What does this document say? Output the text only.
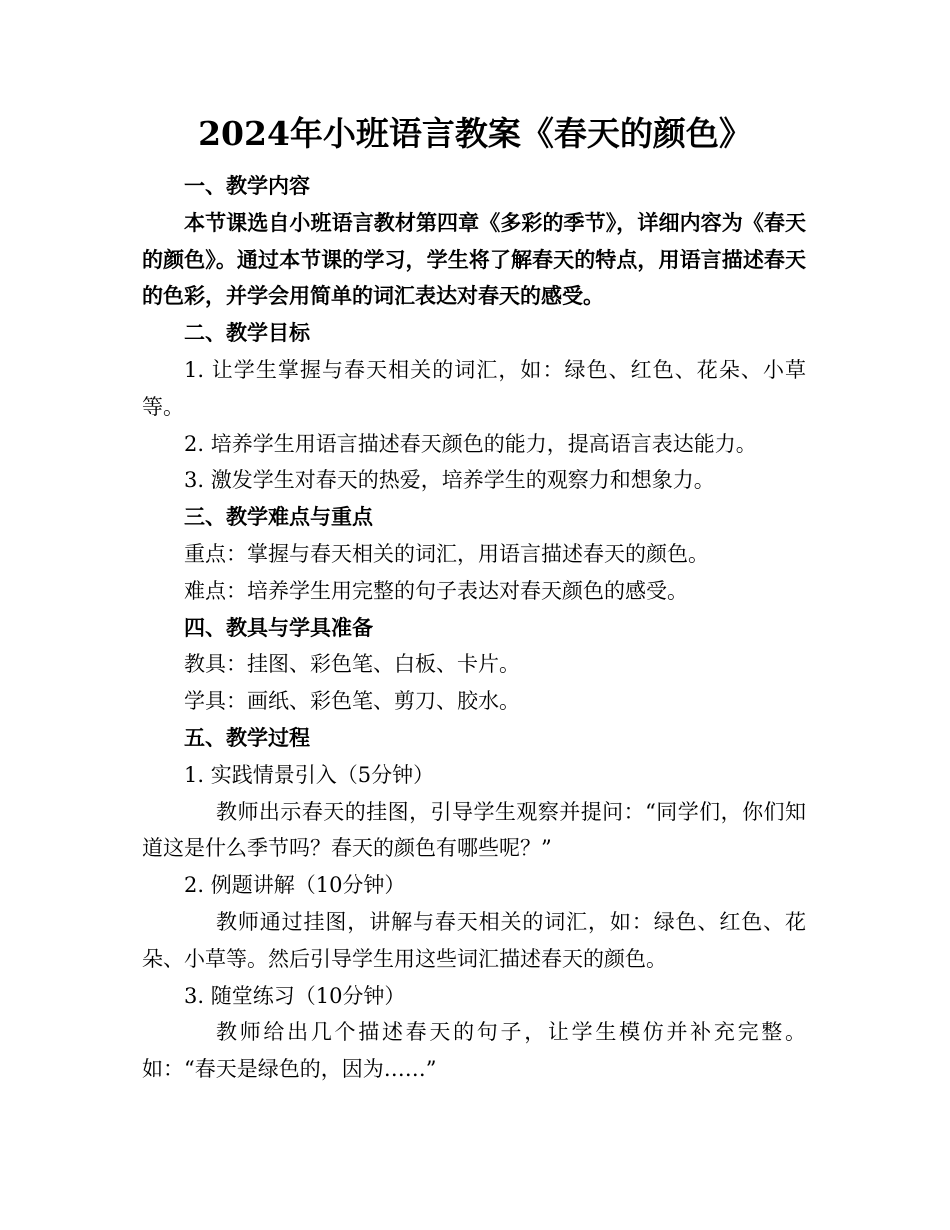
2024年小班语言教案《春天的颜色》

一、教学内容

本节课选自小班语言教材第四章《多彩的季节》，详细内容为《春天的颜色》。通过本节课的学习，学生将了解春天的特点，用语言描述春天的色彩，并学会用简单的词汇表达对春天的感受。

二、教学目标

1. 让学生掌握与春天相关的词汇，如：绿色、红色、花朵、小草等。

2. 培养学生用语言描述春天颜色的能力，提高语言表达能力。

3. 激发学生对春天的热爱，培养学生的观察力和想象力。

三、教学难点与重点

重点：掌握与春天相关的词汇，用语言描述春天的颜色。

难点：培养学生用完整的句子表达对春天颜色的感受。

四、教具与学具准备

教具：挂图、彩色笔、白板、卡片。

学具：画纸、彩色笔、剪刀、胶水。

五、教学过程

1. 实践情景引入（5分钟）

教师出示春天的挂图，引导学生观察并提问：“同学们，你们知道这是什么季节吗？春天的颜色有哪些呢？”

2. 例题讲解（10分钟）

教师通过挂图，讲解与春天相关的词汇，如：绿色、红色、花朵、小草等。然后引导学生用这些词汇描述春天的颜色。

3. 随堂练习（10分钟）

教师给出几个描述春天的句子，让学生模仿并补充完整。如：“春天是绿色的，因为……”
